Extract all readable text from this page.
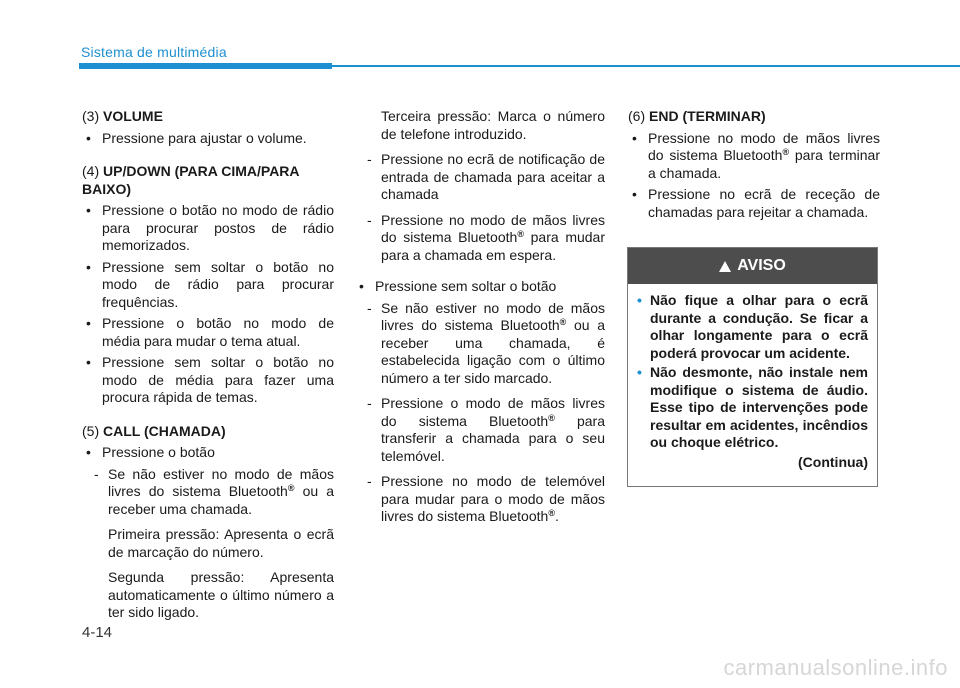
Sistema de multimédia
(3) VOLUME
• Pressione para ajustar o volume.
(4) UP/DOWN (PARA CIMA/PARA BAIXO)
• Pressione o botão no modo de rádio para procurar postos de rádio memorizados.
• Pressione sem soltar o botão no modo de rádio para procurar frequências.
• Pressione o botão no modo de média para mudar o tema atual.
• Pressione sem soltar o botão no modo de média para fazer uma procura rápida de temas.
(5) CALL (CHAMADA)
• Pressione o botão
- Se não estiver no modo de mãos livres do sistema Bluetooth® ou a receber uma chamada.
Primeira pressão: Apresenta o ecrã de marcação do número.
Segunda pressão: Apresenta automaticamente o último número a ter sido ligado.
Terceira pressão: Marca o número de telefone introduzido.
- Pressione no ecrã de notificação de entrada de chamada para aceitar a chamada
- Pressione no modo de mãos livres do sistema Bluetooth® para mudar para a chamada em espera.
• Pressione sem soltar o botão
- Se não estiver no modo de mãos livres do sistema Bluetooth® ou a receber uma chamada, é estabelecida ligação com o último número a ter sido marcado.
- Pressione o modo de mãos livres do sistema Bluetooth® para transferir a chamada para o seu telemóvel.
- Pressione no modo de telemóvel para mudar para o modo de mãos livres do sistema Bluetooth®.
(6) END (TERMINAR)
• Pressione no modo de mãos livres do sistema Bluetooth® para terminar a chamada.
• Pressione no ecrã de receção de chamadas para rejeitar a chamada.
AVISO
• Não fique a olhar para o ecrã durante a condução. Se ficar a olhar longamente para o ecrã poderá provocar um acidente.
• Não desmonte, não instale nem modifique o sistema de áudio. Esse tipo de intervenções pode resultar em acidentes, incêndios ou choque elétrico.
(Continua)
4-14
carmanualsonline.info
